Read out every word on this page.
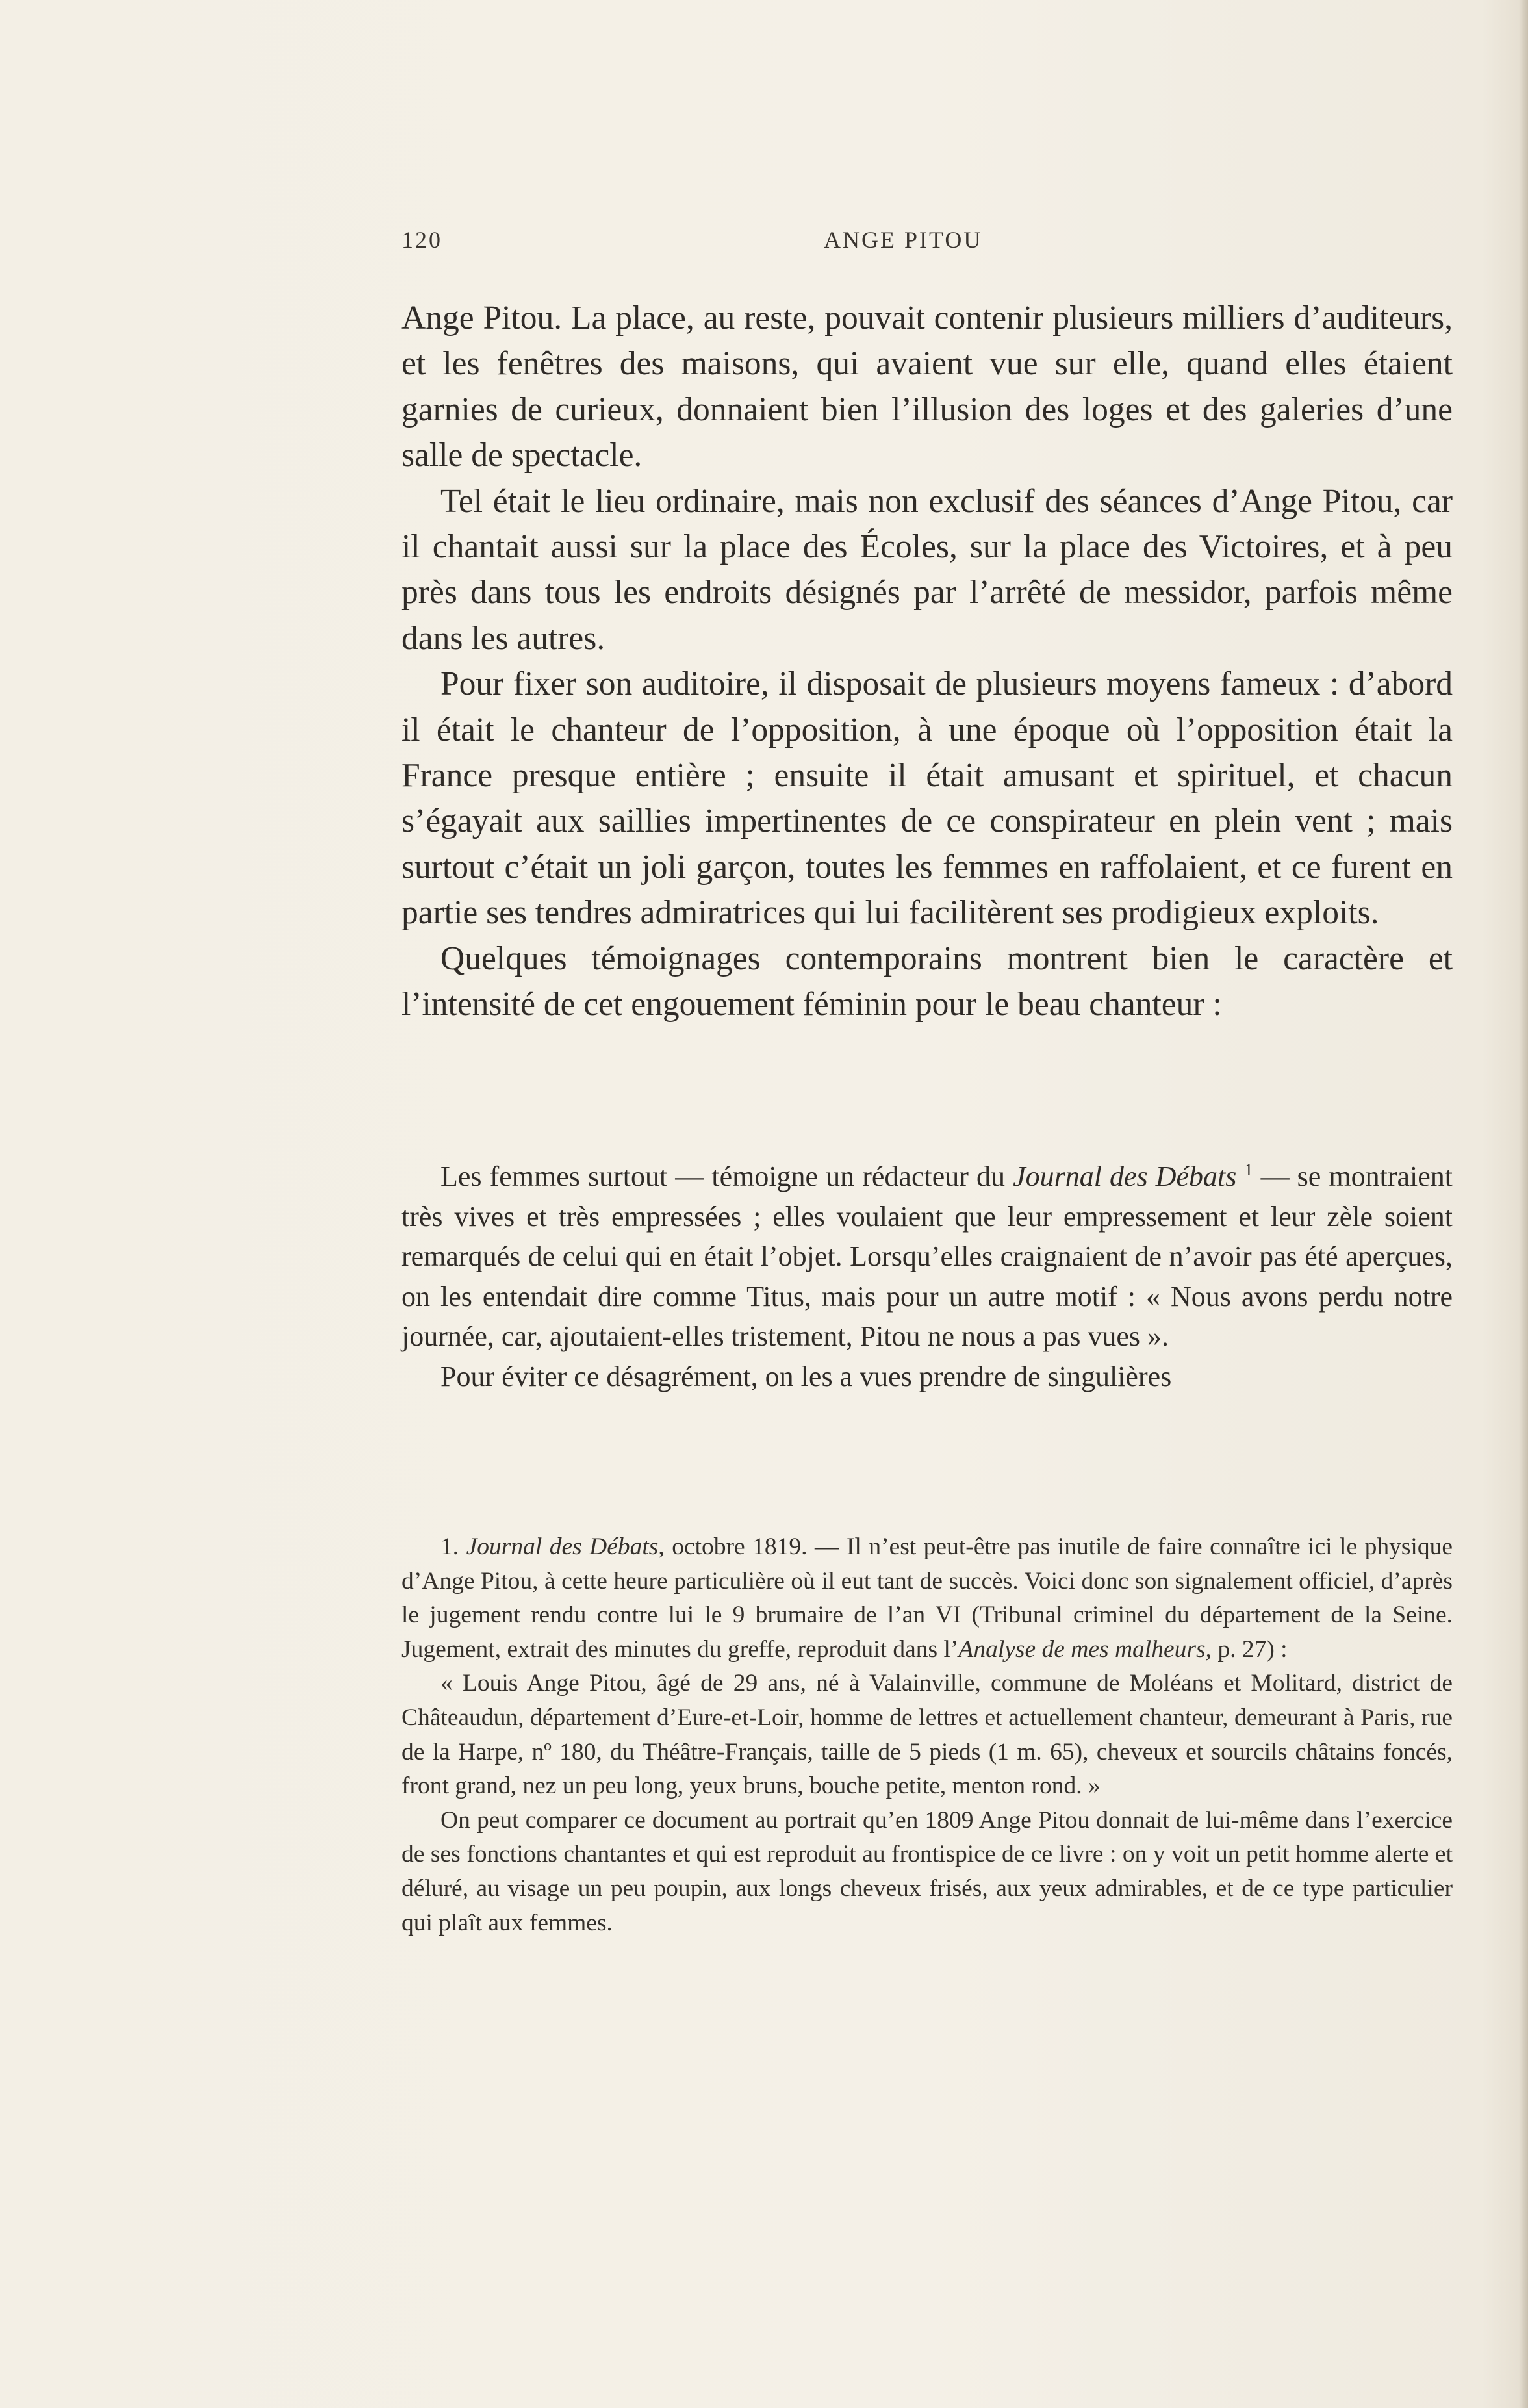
120	ANGE PITOU

Ange Pitou. La place, au reste, pouvait contenir plusieurs milliers d’auditeurs, et les fenêtres des maisons, qui avaient vue sur elle, quand elles étaient garnies de curieux, donnaient bien l’illusion des loges et des galeries d’une salle de spectacle.

Tel était le lieu ordinaire, mais non exclusif des séances d’Ange Pitou, car il chantait aussi sur la place des Écoles, sur la place des Victoires, et à peu près dans tous les endroits désignés par l’arrêté de messidor, parfois même dans les autres.

Pour fixer son auditoire, il disposait de plusieurs moyens fameux : d’abord il était le chanteur de l’opposition, à une époque où l’opposition était la France presque entière ; ensuite il était amusant et spirituel, et chacun s’égayait aux saillies impertinentes de ce conspirateur en plein vent ; mais surtout c’était un joli garçon, toutes les femmes en raffolaient, et ce furent en partie ses tendres admiratrices qui lui facilitèrent ses prodigieux exploits.

Quelques témoignages contemporains montrent bien le caractère et l’intensité de cet engouement féminin pour le beau chanteur :

Les femmes surtout — témoigne un rédacteur du Journal des Débats $^1$ — se montraient très vives et très empressées ; elles voulaient que leur empressement et leur zèle soient remarqués de celui qui en était l’objet. Lorsqu’elles craignaient de n’avoir pas été aperçues, on les entendait dire comme Titus, mais pour un autre motif : « Nous avons perdu notre journée, car, ajoutaient-elles tristement, Pitou ne nous a pas vues ».

Pour éviter ce désagrément, on les a vues prendre de singulières

1. Journal des Débats, octobre 1819. — Il n’est peut-être pas inutile de faire connaître ici le physique d’Ange Pitou, à cette heure particulière où il eut tant de succès. Voici donc son signalement officiel, d’après le jugement rendu contre lui le 9 brumaire de l’an VI (Tribunal criminel du département de la Seine. Jugement, extrait des minutes du greffe, reproduit dans l’Analyse de mes malheurs, p. 27) :

« Louis Ange Pitou, âgé de 29 ans, né à Valainville, commune de Moléans et Molitard, district de Châteaudun, département d’Eure-et-Loir, homme de lettres et actuellement chanteur, demeurant à Paris, rue de la Harpe, nº 180, du Théâtre-Français, taille de 5 pieds (1 m. 65), cheveux et sourcils châtains foncés, front grand, nez un peu long, yeux bruns, bouche petite, menton rond. »

On peut comparer ce document au portrait qu’en 1809 Ange Pitou donnait de lui-même dans l’exercice de ses fonctions chantantes et qui est reproduit au frontispice de ce livre : on y voit un petit homme alerte et déluré, au visage un peu poupin, aux longs cheveux frisés, aux yeux admirables, et de ce type particulier qui plaît aux femmes.
